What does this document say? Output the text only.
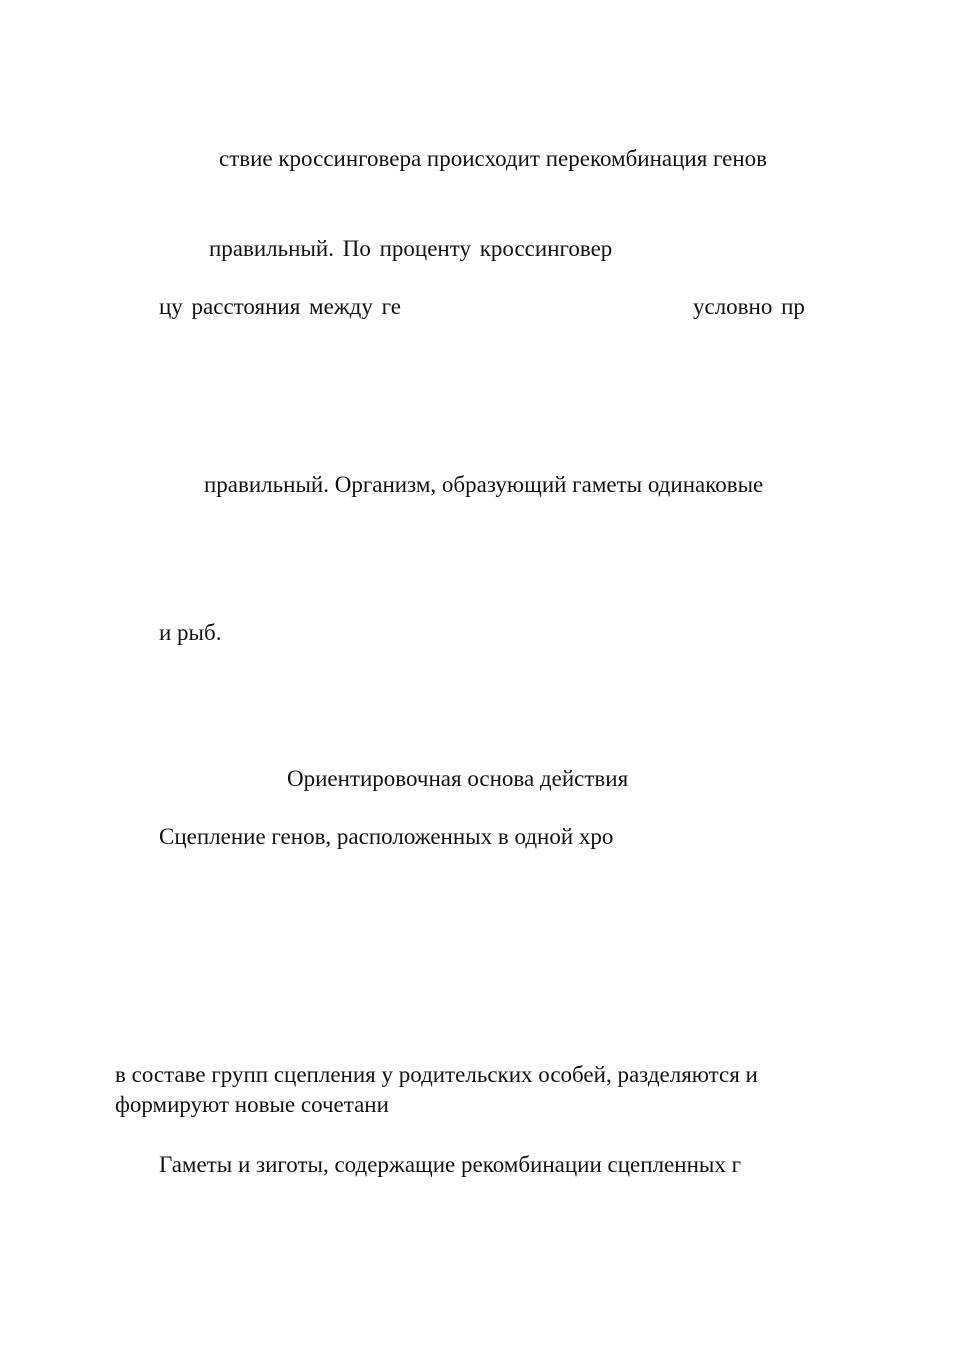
ствие кроссинговера происходит перекомбинация генов

правильный. По проценту кроссинговер

цу расстояния между ге	условно пр

правильный. Организм, образующий гаметы одинаковые

и рыб.

Ориентировочная основа действия

Сцепление генов, расположенных в одной хро

в составе групп сцепления у родительских особей, разделяются и

формируют новые сочетани

Гаметы и зиготы, содержащие рекомбинации сцепленных г
